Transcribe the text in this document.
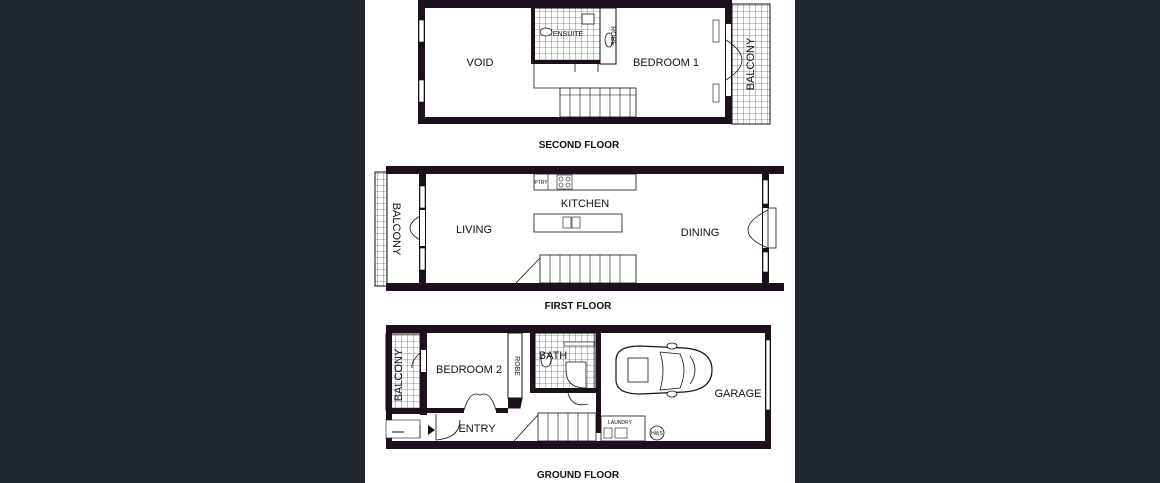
VOID	BEDROOM 1
ENSUITE	ROBE
BALCONY
SECOND FLOOR
PTRY
KITCHEN
LIVING	DINING
BALCONY
FIRST FLOOR
BEDROOM 2 ROBE
BATH
GARAGE
ENTRY	LAUNDRY
HWS
BALCONY
GROUND FLOOR
